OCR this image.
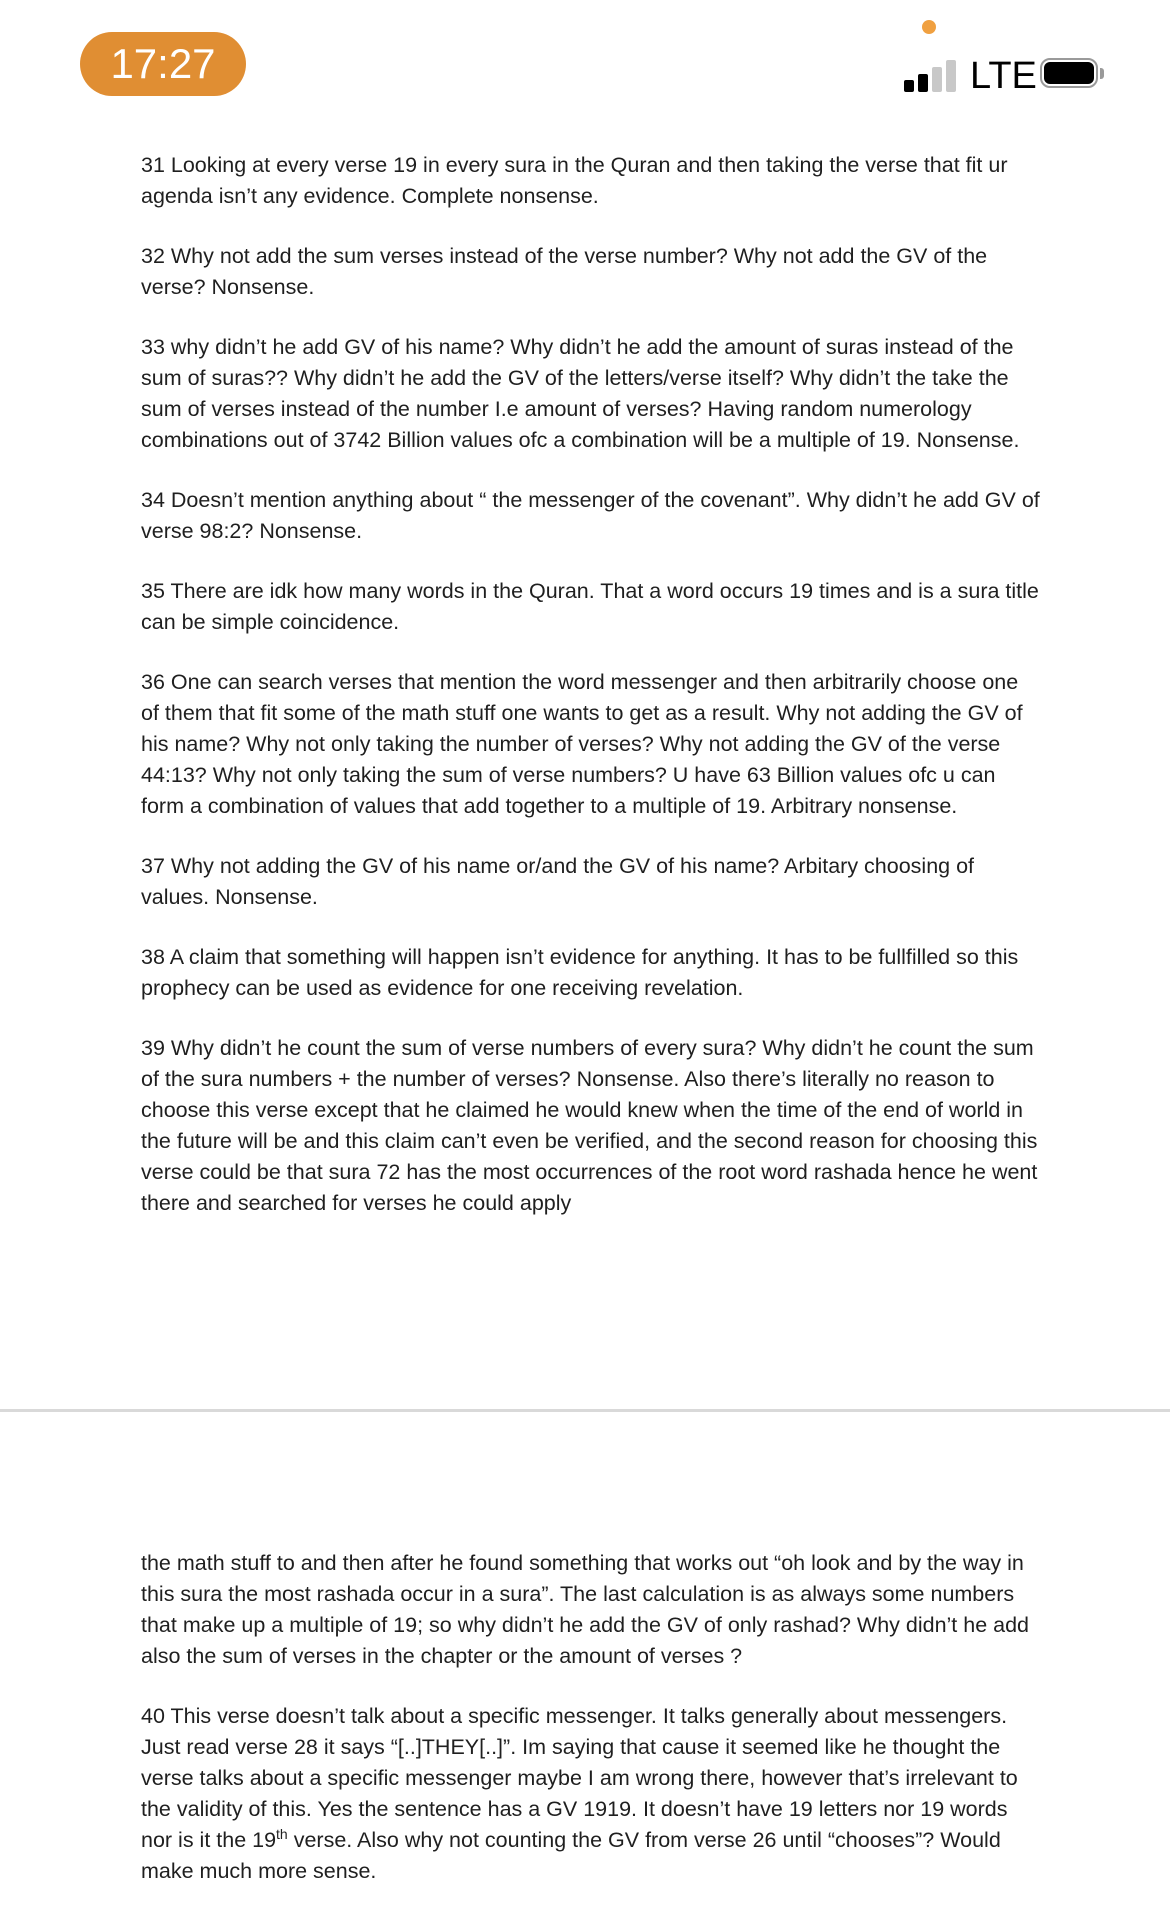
17:27	LTE

31 Looking at every verse 19 in every sura in the Quran and then taking the verse that fit ur agenda isn’t any evidence. Complete nonsense.

32 Why not add the sum verses instead of the verse number? Why not add the GV of the verse? Nonsense.

33 why didn’t he add GV of his name? Why didn’t he add the amount of suras instead of the sum of suras?? Why didn’t he add the GV of the letters/verse itself? Why didn’t the take the sum of verses instead of the number I.e amount of verses? Having random numerology combinations out of 3742 Billion values ofc a combination will be a multiple of 19. Nonsense.

34 Doesn’t mention anything about “ the messenger of the covenant”. Why didn’t he add GV of verse 98:2? Nonsense.

35 There are idk how many words in the Quran. That a word occurs 19 times and is a sura title can be simple coincidence.

36 One can search verses that mention the word messenger and then arbitrarily choose one of them that fit some of the math stuff one wants to get as a result. Why not adding the GV of his name? Why not only taking the number of verses? Why not adding the GV of the verse 44:13? Why not only taking the sum of verse numbers? U have 63 Billion values ofc u can form a combination of values that add together to a multiple of 19. Arbitrary nonsense.

37 Why not adding the GV of his name or/and the GV of his name? Arbitary choosing of values. Nonsense.

38 A claim that something will happen isn’t evidence for anything. It has to be fullfilled so this prophecy can be used as evidence for one receiving revelation.

39 Why didn’t he count the sum of verse numbers of every sura? Why didn’t he count the sum of the sura numbers + the number of verses? Nonsense. Also there’s literally no reason to choose this verse except that he claimed he would knew when the time of the end of world in the future will be and this claim can’t even be verified, and the second reason for choosing this verse could be that sura 72 has the most occurrences of the root word rashada hence he went there and searched for verses he could apply

the math stuff to and then after he found something that works out “oh look and by the way in this sura the most rashada occur in a sura”. The last calculation is as always some numbers that make up a multiple of 19; so why didn’t he add the GV of only rashad? Why didn’t he add also the sum of verses in the chapter or the amount of verses ?

40 This verse doesn’t talk about a specific messenger. It talks generally about messengers. Just read verse 28 it says “[..]THEY[..]”. Im saying that cause it seemed like he thought the verse talks about a specific messenger maybe I am wrong there, however that’s irrelevant to the validity of this. Yes the sentence has a GV 1919. It doesn’t have 19 letters nor 19 words nor is it the 19th verse. Also why not counting the GV from verse 26 until “chooses”? Would make much more sense.
